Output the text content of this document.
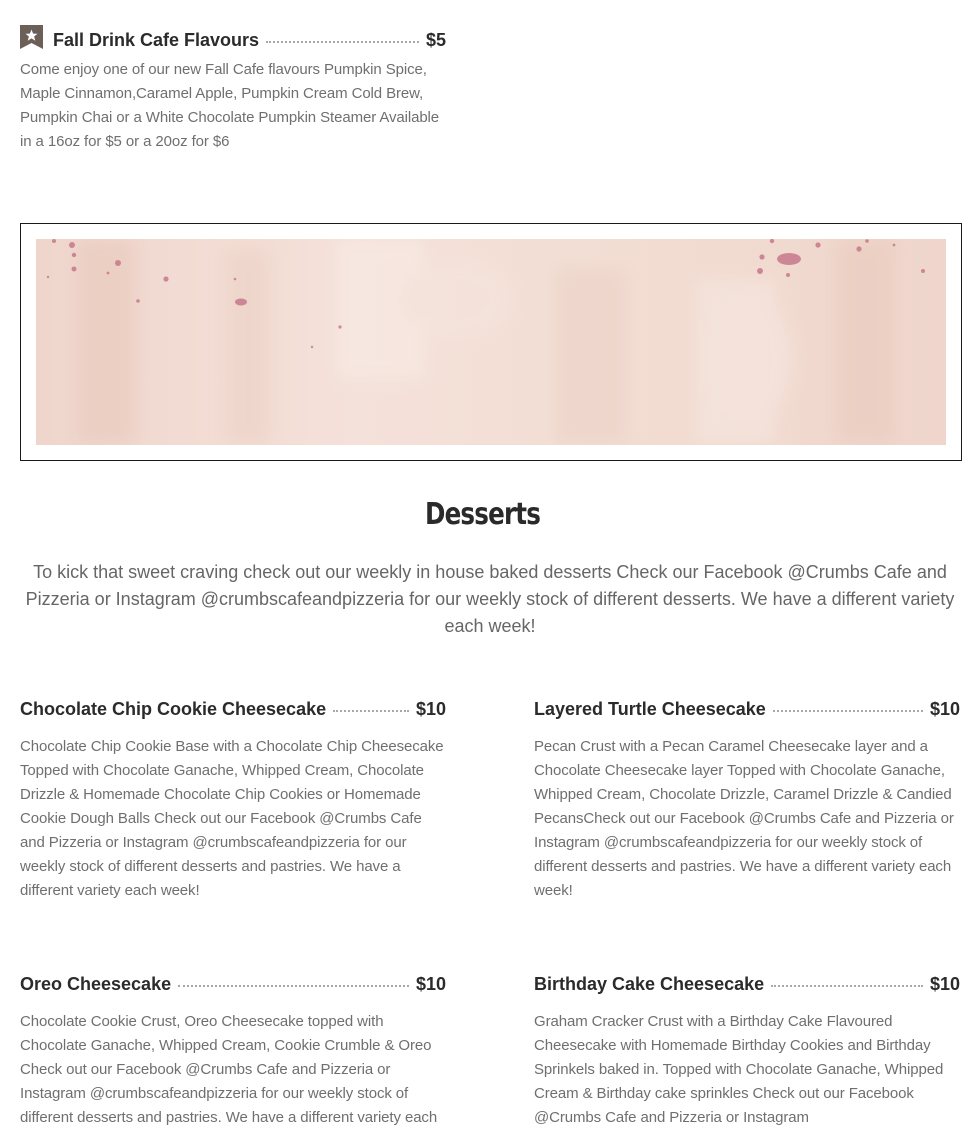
Fall Drink Cafe Flavours	$5
Come enjoy one of our new Fall Cafe flavours Pumpkin Spice, Maple Cinnamon,Caramel Apple, Pumpkin Cream Cold Brew, Pumpkin Chai or a White Chocolate Pumpkin Steamer Available in a 16oz for $5 or a 20oz for $6
Desserts
To kick that sweet craving check out our weekly in house baked desserts Check our Facebook @Crumbs Cafe and Pizzeria or Instagram @crumbscafeandpizzeria for our weekly stock of different desserts. We have a different variety each week!
Chocolate Chip Cookie Cheesecake	$10
Chocolate Chip Cookie Base with a Chocolate Chip Cheesecake Topped with Chocolate Ganache, Whipped Cream, Chocolate Drizzle & Homemade Chocolate Chip Cookies or Homemade Cookie Dough Balls Check out our Facebook @Crumbs Cafe and Pizzeria or Instagram @crumbscafeandpizzeria for our weekly stock of different desserts and pastries. We have a different variety each week!
Layered Turtle Cheesecake	$10
Pecan Crust with a Pecan Caramel Cheesecake layer and a Chocolate Cheesecake layer Topped with Chocolate Ganache, Whipped Cream, Chocolate Drizzle, Caramel Drizzle & Candied PecansCheck out our Facebook @Crumbs Cafe and Pizzeria or Instagram @crumbscafeandpizzeria for our weekly stock of different desserts and pastries. We have a different variety each week!
Oreo Cheesecake	$10
Chocolate Cookie Crust, Oreo Cheesecake topped with Chocolate Ganache, Whipped Cream, Cookie Crumble & Oreo Check out our Facebook @Crumbs Cafe and Pizzeria or Instagram @crumbscafeandpizzeria for our weekly stock of different desserts and pastries. We have a different variety each
Birthday Cake Cheesecake	$10
Graham Cracker Crust with a Birthday Cake Flavoured Cheesecake with Homemade Birthday Cookies and Birthday Sprinkels baked in. Topped with Chocolate Ganache, Whipped Cream & Birthday cake sprinkles Check out our Facebook @Crumbs Cafe and Pizzeria or Instagram
